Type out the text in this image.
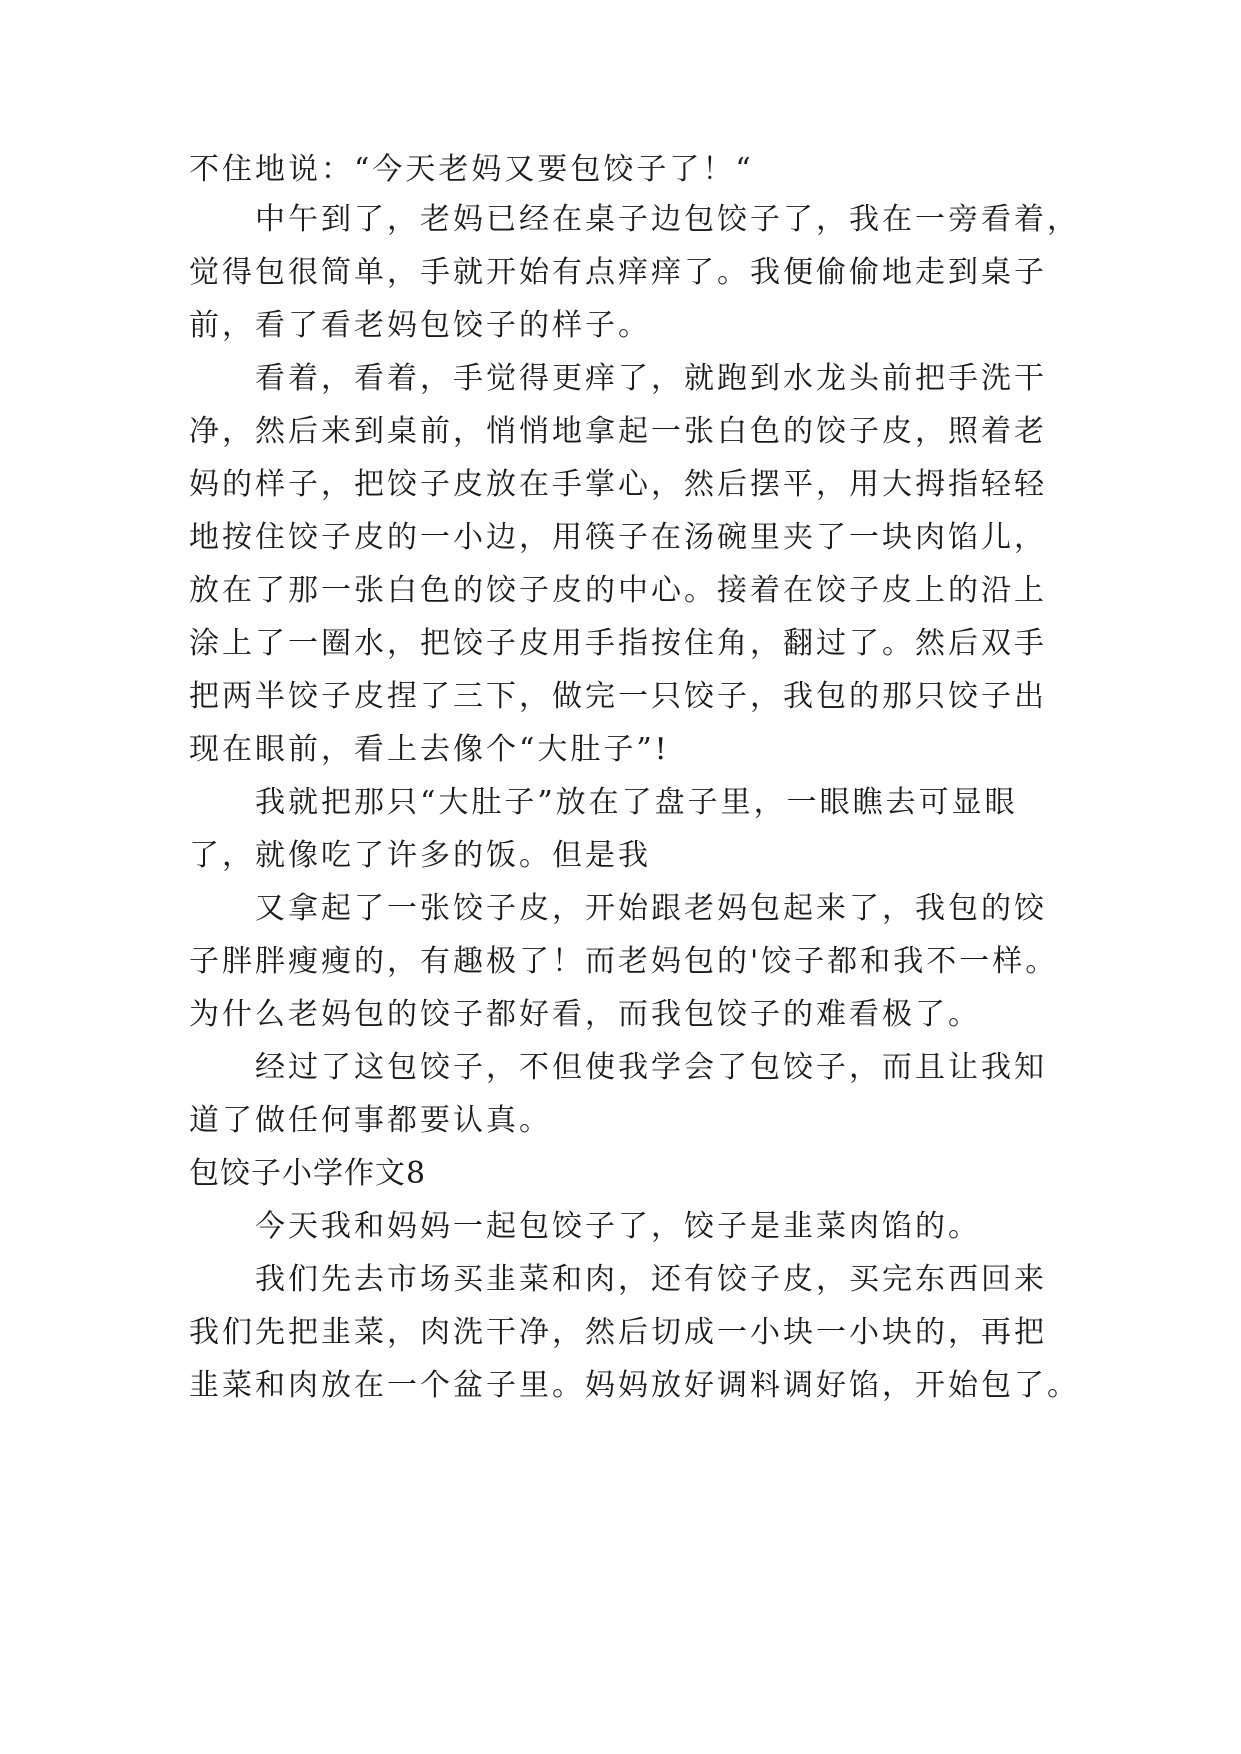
不住地说：“今天老妈又要包饺子了！“
中午到了，老妈已经在桌子边包饺子了，我在一旁看着，
觉得包很简单，手就开始有点痒痒了。我便偷偷地走到桌子
前，看了看老妈包饺子的样子。
看着，看着，手觉得更痒了，就跑到水龙头前把手洗干
净，然后来到桌前，悄悄地拿起一张白色的饺子皮，照着老
妈的样子，把饺子皮放在手掌心，然后摆平，用大拇指轻轻
地按住饺子皮的一小边，用筷子在汤碗里夹了一块肉馅儿，
放在了那一张白色的饺子皮的中心。接着在饺子皮上的沿上
涂上了一圈水，把饺子皮用手指按住角，翻过了。然后双手
把两半饺子皮捏了三下，做完一只饺子，我包的那只饺子出
现在眼前，看上去像个“大肚子”!
我就把那只“大肚子”放在了盘子里，一眼瞧去可显眼
了，就像吃了许多的饭。但是我
又拿起了一张饺子皮，开始跟老妈包起来了，我包的饺
子胖胖瘦瘦的，有趣极了！而老妈包的'饺子都和我不一样。
为什么老妈包的饺子都好看，而我包饺子的难看极了。
经过了这包饺子，不但使我学会了包饺子，而且让我知
道了做任何事都要认真。
包饺子小学作文8
今天我和妈妈一起包饺子了，饺子是韭菜肉馅的。
我们先去市场买韭菜和肉，还有饺子皮，买完东西回来
我们先把韭菜，肉洗干净，然后切成一小块一小块的，再把
韭菜和肉放在一个盆子里。妈妈放好调料调好馅，开始包了。
